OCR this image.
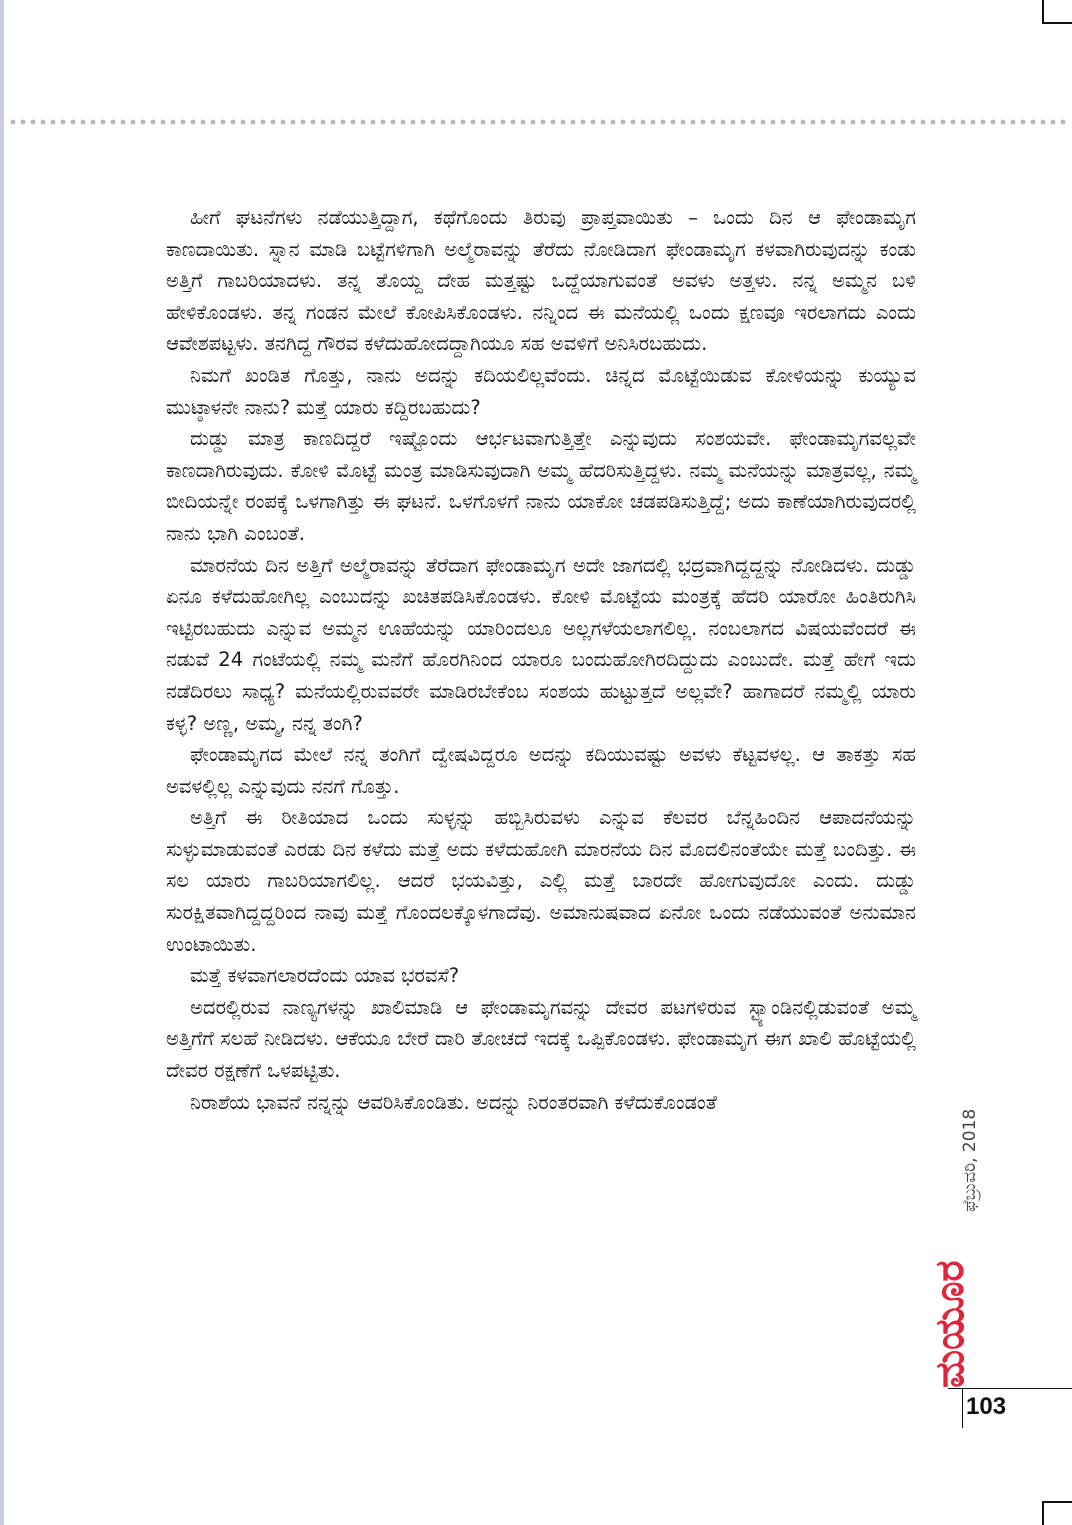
ಹೀಗೆ ಘಟನೆಗಳು ನಡೆಯುತ್ತಿದ್ದಾಗ, ಕಥೆಗೊಂದು ತಿರುವು ಪ್ರಾಪ್ತವಾಯಿತು – ಒಂದು ದಿನ ಆ ಫೇಂಡಾಮೃಗ ಕಾಣದಾಯಿತು. ಸ್ನಾನ ಮಾಡಿ ಬಟ್ಟೆಗಳಿಗಾಗಿ ಅಲ್ಮೆರಾವನ್ನು ತೆರೆದು ನೋಡಿದಾಗ ಫೇಂಡಾಮೃಗ ಕಳವಾಗಿರುವುದನ್ನು ಕಂಡು ಅತ್ತಿಗೆ ಗಾಬರಿಯಾದಳು. ತನ್ನ ತೊಯ್ದ ದೇಹ ಮತ್ತಷ್ಟು ಒದ್ದೆಯಾಗುವಂತೆ ಅವಳು ಅತ್ತಳು. ನನ್ನ ಅಮ್ಮನ ಬಳಿ ಹೇಳಿಕೊಂಡಳು. ತನ್ನ ಗಂಡನ ಮೇಲೆ ಕೋಪಿಸಿಕೊಂಡಳು. ನನ್ನಿಂದ ಈ ಮನೆಯಲ್ಲಿ ಒಂದು ಕ್ಷಣವೂ ಇರಲಾಗದು ಎಂದು ಆವೇಶಪಟ್ಟಳು. ತನಗಿದ್ದ ಗೌರವ ಕಳೆದುಹೋದದ್ದಾಗಿಯೂ ಸಹ ಅವಳಿಗೆ ಅನಿಸಿರಬಹುದು.

ನಿಮಗೆ ಖಂಡಿತ ಗೊತ್ತು, ನಾನು ಅದನ್ನು ಕದಿಯಲಿಲ್ಲವೆಂದು. ಚಿನ್ನದ ಮೊಟ್ಟೆಯಿಡುವ ಕೋಳಿಯನ್ನು ಕುಯ್ಯುವ ಮುಟ್ಠಾಳನೇ ನಾನು? ಮತ್ತೆ ಯಾರು ಕದ್ದಿರಬಹುದು?

ದುಡ್ಡು ಮಾತ್ರ ಕಾಣದಿದ್ದರೆ ಇಷ್ಟೊಂದು ಆರ್ಭಟವಾಗುತ್ತಿತ್ತೇ ಎನ್ನುವುದು ಸಂಶಯವೇ. ಫೇಂಡಾಮೃಗವಲ್ಲವೇ ಕಾಣದಾಗಿರುವುದು. ಕೋಳಿ ಮೊಟ್ಟೆ ಮಂತ್ರ ಮಾಡಿಸುವುದಾಗಿ ಅಮ್ಮ ಹೆದರಿಸುತ್ತಿದ್ದಳು. ನಮ್ಮ ಮನೆಯನ್ನು ಮಾತ್ರವಲ್ಲ, ನಮ್ಮ ಬೀದಿಯನ್ನೇ ರಂಪಕ್ಕೆ ಒಳಗಾಗಿತ್ತು ಈ ಘಟನೆ. ಒಳಗೊಳಗೆ ನಾನು ಯಾಕೋ ಚಡಪಡಿಸುತ್ತಿದ್ದೆ; ಅದು ಕಾಣೆಯಾಗಿರುವುದರಲ್ಲಿ ನಾನು ಭಾಗಿ ಎಂಬಂತೆ.

ಮಾರನೆಯ ದಿನ ಅತ್ತಿಗೆ ಅಲ್ಮೆರಾವನ್ನು ತೆರೆದಾಗ ಫೇಂಡಾಮೃಗ ಅದೇ ಜಾಗದಲ್ಲಿ ಭದ್ರವಾಗಿದ್ದದ್ದನ್ನು ನೋಡಿದಳು. ದುಡ್ಡು ಏನೂ ಕಳೆದುಹೋಗಿಲ್ಲ ಎಂಬುದನ್ನು ಖಚಿತಪಡಿಸಿಕೊಂಡಳು. ಕೋಳಿ ಮೊಟ್ಟೆಯ ಮಂತ್ರಕ್ಕೆ ಹೆದರಿ ಯಾರೋ ಹಿಂತಿರುಗಿಸಿ ಇಟ್ಟಿರಬಹುದು ಎನ್ನುವ ಅಮ್ಮನ ಊಹೆಯನ್ನು ಯಾರಿಂದಲೂ ಅಲ್ಲಗಳೆಯಲಾಗಲಿಲ್ಲ. ನಂಬಲಾಗದ ವಿಷಯವೆಂದರೆ ಈ ನಡುವೆ 24 ಗಂಟೆಯಲ್ಲಿ ನಮ್ಮ ಮನೆಗೆ ಹೊರಗಿನಿಂದ ಯಾರೂ ಬಂದುಹೋಗಿರದಿದ್ದುದು ಎಂಬುದೇ. ಮತ್ತೆ ಹೇಗೆ ಇದು ನಡೆದಿರಲು ಸಾಧ್ಯ? ಮನೆಯಲ್ಲಿರುವವರೇ ಮಾಡಿರಬೇಕೆಂಬ ಸಂಶಯ ಹುಟ್ಟುತ್ತದೆ ಅಲ್ಲವೇ? ಹಾಗಾದರೆ ನಮ್ಮಲ್ಲಿ ಯಾರು ಕಳ್ಳ? ಅಣ್ಣ, ಅಮ್ಮ, ನನ್ನ ತಂಗಿ?

ಫೇಂಡಾಮೃಗದ ಮೇಲೆ ನನ್ನ ತಂಗಿಗೆ ದ್ವೇಷವಿದ್ದರೂ ಅದನ್ನು ಕದಿಯುವಷ್ಟು ಅವಳು ಕೆಟ್ಟವಳಲ್ಲ. ಆ ತಾಕತ್ತು ಸಹ ಅವಳಲ್ಲಿಲ್ಲ ಎನ್ನುವುದು ನನಗೆ ಗೊತ್ತು.

ಅತ್ತಿಗೆ ಈ ರೀತಿಯಾದ ಒಂದು ಸುಳ್ಳನ್ನು ಹಬ್ಬಿಸಿರುವಳು ಎನ್ನುವ ಕೆಲವರ ಬೆನ್ನಹಿಂದಿನ ಆಪಾದನೆಯನ್ನು ಸುಳ್ಳುಮಾಡುವಂತೆ ಎರಡು ದಿನ ಕಳೆದು ಮತ್ತೆ ಅದು ಕಳೆದುಹೋಗಿ ಮಾರನೆಯ ದಿನ ಮೊದಲಿನಂತೆಯೇ ಮತ್ತೆ ಬಂದಿತ್ತು. ಈ ಸಲ ಯಾರು ಗಾಬರಿಯಾಗಲಿಲ್ಲ. ಆದರೆ ಭಯವಿತ್ತು, ಎಲ್ಲಿ ಮತ್ತೆ ಬಾರದೇ ಹೋಗುವುದೋ ಎಂದು. ದುಡ್ಡು ಸುರಕ್ಷಿತವಾಗಿದ್ದದ್ದರಿಂದ ನಾವು ಮತ್ತೆ ಗೊಂದಲಕ್ಕೊಳಗಾದೆವು. ಅಮಾನುಷವಾದ ಏನೋ ಒಂದು ನಡೆಯುವಂತೆ ಅನುಮಾನ ಉಂಟಾಯಿತು.

ಮತ್ತೆ ಕಳವಾಗಲಾರದೆಂದು ಯಾವ ಭರವಸೆ?

ಅದರಲ್ಲಿರುವ ನಾಣ್ಯಗಳನ್ನು ಖಾಲಿಮಾಡಿ ಆ ಫೇಂಡಾಮೃಗವನ್ನು ದೇವರ ಪಟಗಳಿರುವ ಸ್ಟ್ಯಾಂಡಿನಲ್ಲಿಡುವಂತೆ ಅಮ್ಮ ಅತ್ತಿಗೆಗೆ ಸಲಹೆ ನೀಡಿದಳು. ಆಕೆಯೂ ಬೇರೆ ದಾರಿ ತೋಚದೆ ಇದಕ್ಕೆ ಒಪ್ಪಿಕೊಂಡಳು. ಫೇಂಡಾಮೃಗ ಈಗ ಖಾಲಿ ಹೊಟ್ಟೆಯಲ್ಲಿ ದೇವರ ರಕ್ಷಣೆಗೆ ಒಳಪಟ್ಟಿತು.

ನಿರಾಶೆಯ ಭಾವನೆ ನನ್ನನ್ನು ಆವರಿಸಿಕೊಂಡಿತು. ಅದನ್ನು ನಿರಂತರವಾಗಿ ಕಳೆದುಕೊಂಡಂತೆ

ಫೆಬ್ರುವರಿ, 2018
ಮಯೂರ
103
